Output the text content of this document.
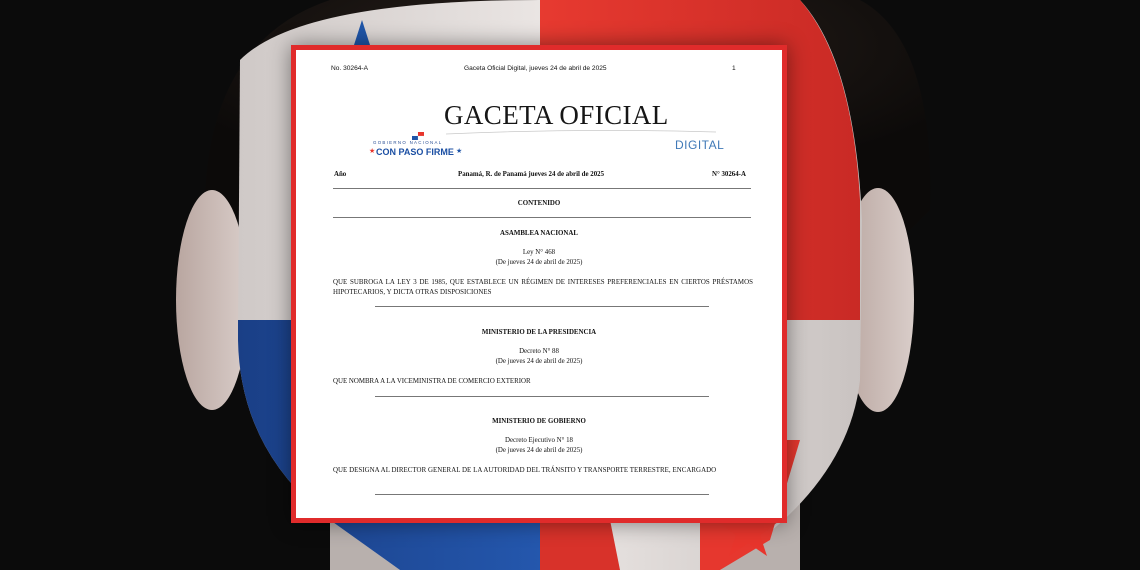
No. 30264-A	Gaceta Oficial Digital, jueves 24 de abril de 2025	1
GACETA OFICIAL
DIGITAL
GOBIERNO NACIONAL
★ CON PASO FIRME ★
Año	Panamá, R. de Panamá jueves 24 de abril de 2025	N° 30264-A
CONTENIDO
ASAMBLEA NACIONAL
Ley N° 468
(De jueves 24 de abril de 2025)
QUE SUBROGA LA LEY 3 DE 1985, QUE ESTABLECE UN RÉGIMEN DE INTERESES PREFERENCIALES EN CIERTOS PRÉSTAMOS HIPOTECARIOS, Y DICTA OTRAS DISPOSICIONES
MINISTERIO DE LA PRESIDENCIA
Decreto N° 88
(De jueves 24 de abril de 2025)
QUE NOMBRA A LA VICEMINISTRA DE COMERCIO EXTERIOR
MINISTERIO DE GOBIERNO
Decreto Ejecutivo N° 18
(De jueves 24 de abril de 2025)
QUE DESIGNA AL DIRECTOR GENERAL DE LA AUTORIDAD DEL TRÁNSITO Y TRANSPORTE TERRESTRE, ENCARGADO
